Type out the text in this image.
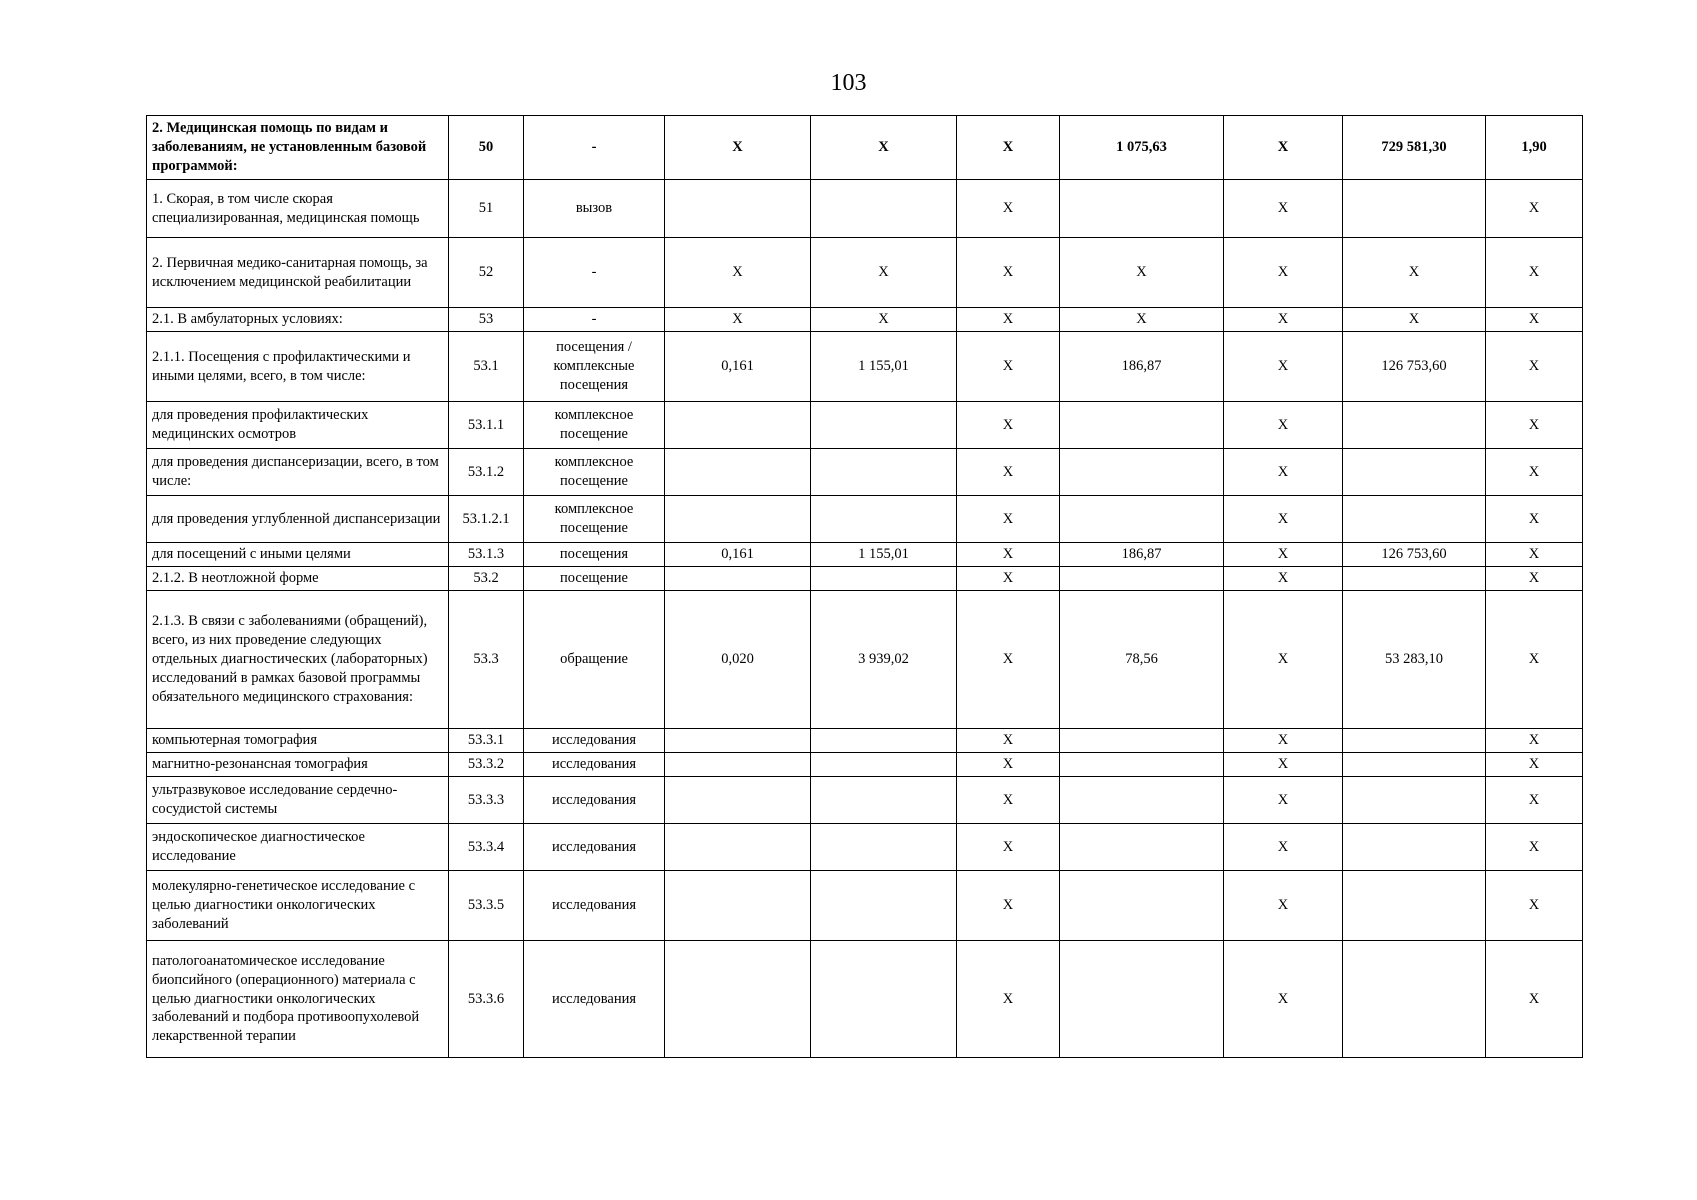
103
2. Медицинская помощь по видам и заболеваниям, не установленным базовой программой:	50	-	X	X	X	1 075,63	X	729 581,30	1,90
1. Скорая, в том числе скорая специализированная, медицинская помощь	51	вызов			X		X		X
2. Первичная медико-санитарная помощь, за исключением медицинской реабилитации	52	-	X	X	X	X	X	X	X
2.1. В амбулаторных условиях:	53	-	X	X	X	X	X	X	X
2.1.1. Посещения с профилактическими и иными целями, всего, в том числе:	53.1	посещения / комплексные посещения	0,161	1 155,01	X	186,87	X	126 753,60	X
для проведения профилактических медицинских осмотров	53.1.1	комплексное посещение			X		X		X
для проведения диспансеризации, всего, в том числе:	53.1.2	комплексное посещение			X		X		X
для проведения углубленной диспансеризации	53.1.2.1	комплексное посещение			X		X		X
для посещений с иными целями	53.1.3	посещения	0,161	1 155,01	X	186,87	X	126 753,60	X
2.1.2. В неотложной форме	53.2	посещение			X		X		X
2.1.3. В связи с заболеваниями (обращений), всего, из них проведение следующих отдельных диагностических (лабораторных) исследований в рамках базовой программы обязательного медицинского страхования:	53.3	обращение	0,020	3 939,02	X	78,56	X	53 283,10	X
компьютерная томография	53.3.1	исследования			X		X		X
магнитно-резонансная томография	53.3.2	исследования			X		X		X
ультразвуковое исследование сердечно-сосудистой системы	53.3.3	исследования			X		X		X
эндоскопическое диагностическое исследование	53.3.4	исследования			X		X		X
молекулярно-генетическое исследование с целью диагностики онкологических заболеваний	53.3.5	исследования			X		X		X
патологоанатомическое исследование биопсийного (операционного) материала с целью диагностики онкологических заболеваний и подбора противоопухолевой лекарственной терапии	53.3.6	исследования			X		X		X
